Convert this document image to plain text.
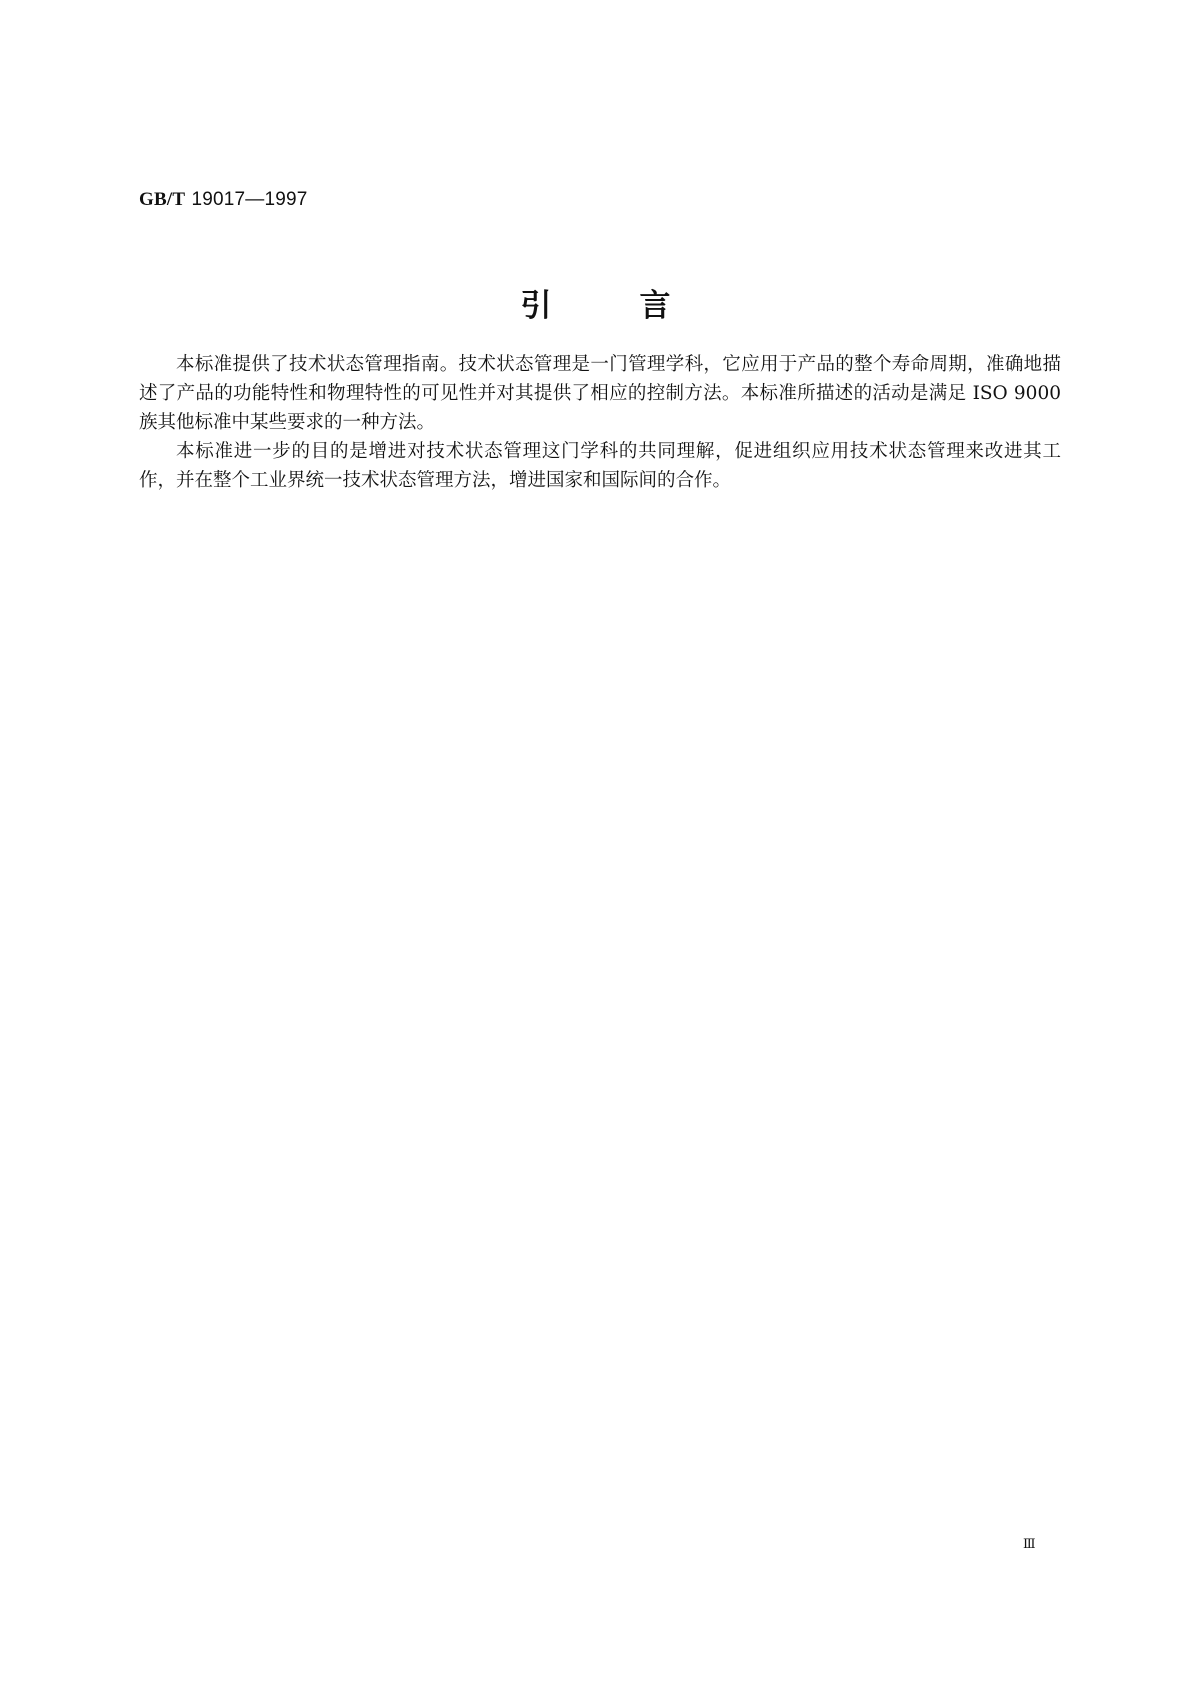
GB/T 19017—1997
引言

本标准提供了技术状态管理指南。技术状态管理是一门管理学科，它应用于产品的整个寿命周期，准确地描述了产品的功能特性和物理特性的可见性并对其提供了相应的控制方法。本标准所描述的活动是满足 ISO 9000 族其他标准中某些要求的一种方法。

本标准进一步的目的是增进对技术状态管理这门学科的共同理解，促进组织应用技术状态管理来改进其工作，并在整个工业界统一技术状态管理方法，增进国家和国际间的合作。

Ⅲ
